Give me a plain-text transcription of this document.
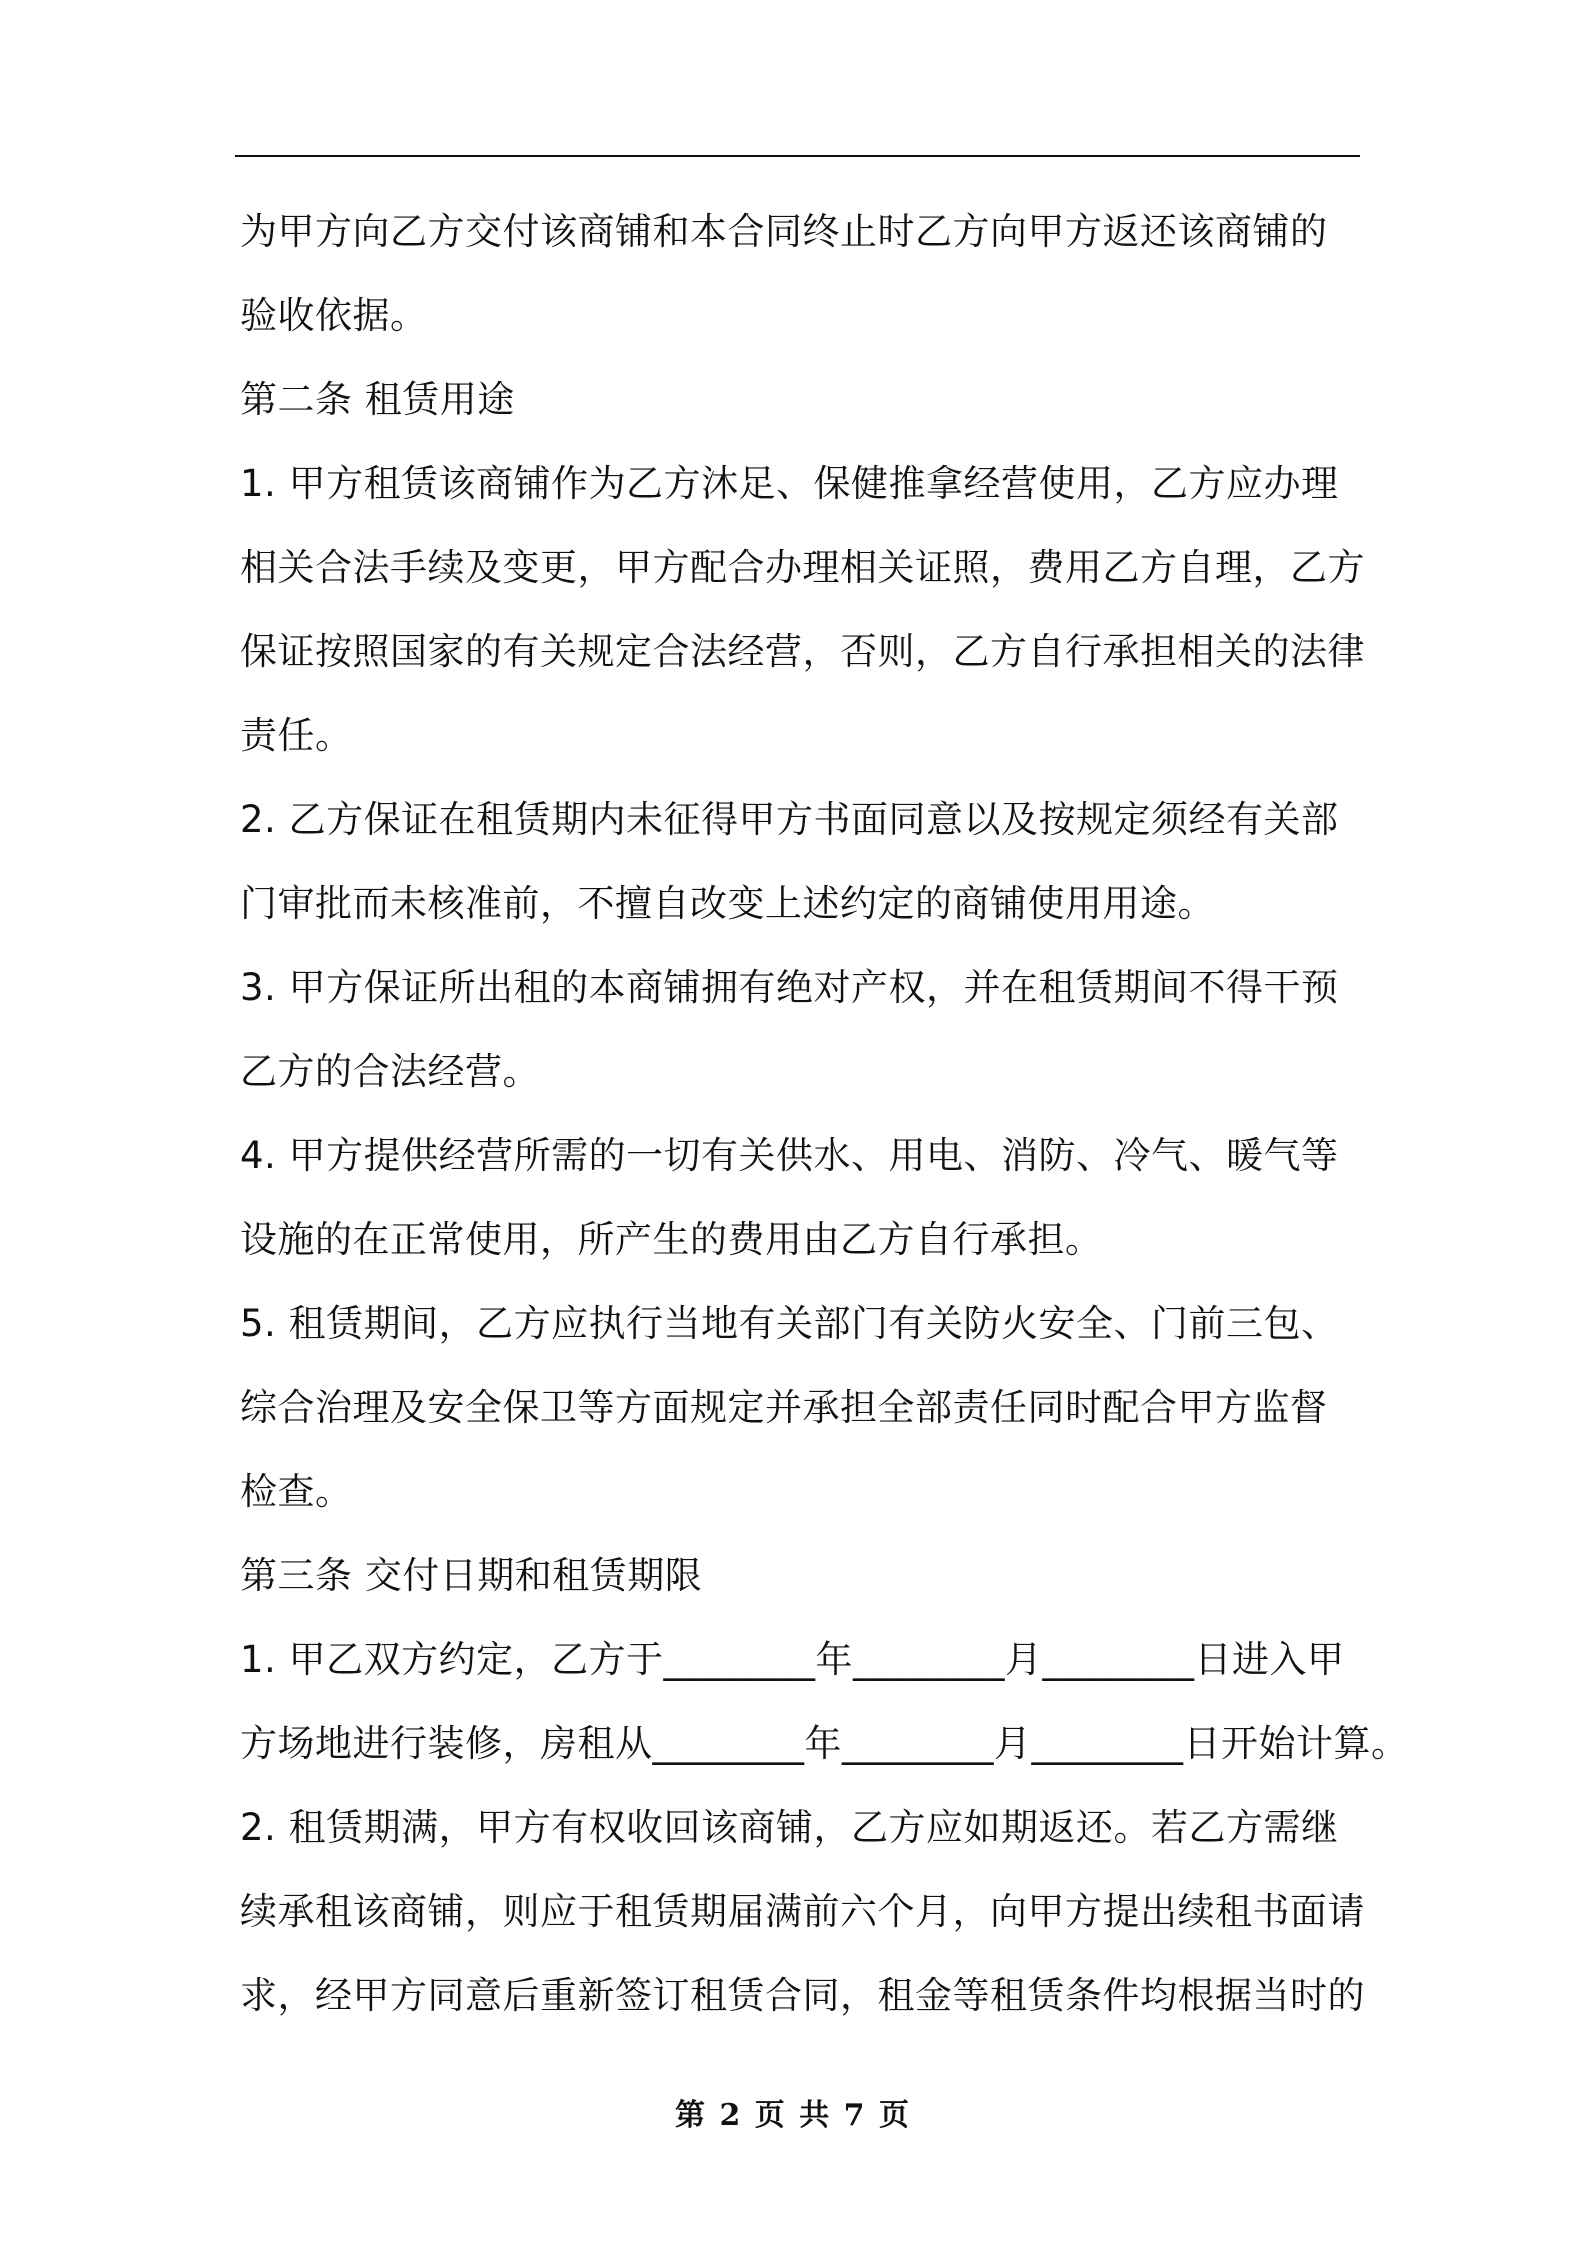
为甲方向乙方交付该商铺和本合同终止时乙方向甲方返还该商铺的
验收依据。
第二条 租赁用途
1. 甲方租赁该商铺作为乙方沐足、保健推拿经营使用，乙方应办理
相关合法手续及变更，甲方配合办理相关证照，费用乙方自理，乙方
保证按照国家的有关规定合法经营，否则，乙方自行承担相关的法律
责任。
2. 乙方保证在租赁期内未征得甲方书面同意以及按规定须经有关部
门审批而未核准前，不擅自改变上述约定的商铺使用用途。
3. 甲方保证所出租的本商铺拥有绝对产权，并在租赁期间不得干预
乙方的合法经营。
4. 甲方提供经营所需的一切有关供水、用电、消防、冷气、暖气等
设施的在正常使用，所产生的费用由乙方自行承担。
5. 租赁期间，乙方应执行当地有关部门有关防火安全、门前三包、
综合治理及安全保卫等方面规定并承担全部责任同时配合甲方监督
检查。
第三条 交付日期和租赁期限
1. 甲乙双方约定，乙方于________年________月________日进入甲
方场地进行装修，房租从________年________月________日开始计算。
2. 租赁期满，甲方有权收回该商铺，乙方应如期返还。若乙方需继
续承租该商铺，则应于租赁期届满前六个月，向甲方提出续租书面请
求，经甲方同意后重新签订租赁合同，租金等租赁条件均根据当时的
第 2 页 共 7 页
